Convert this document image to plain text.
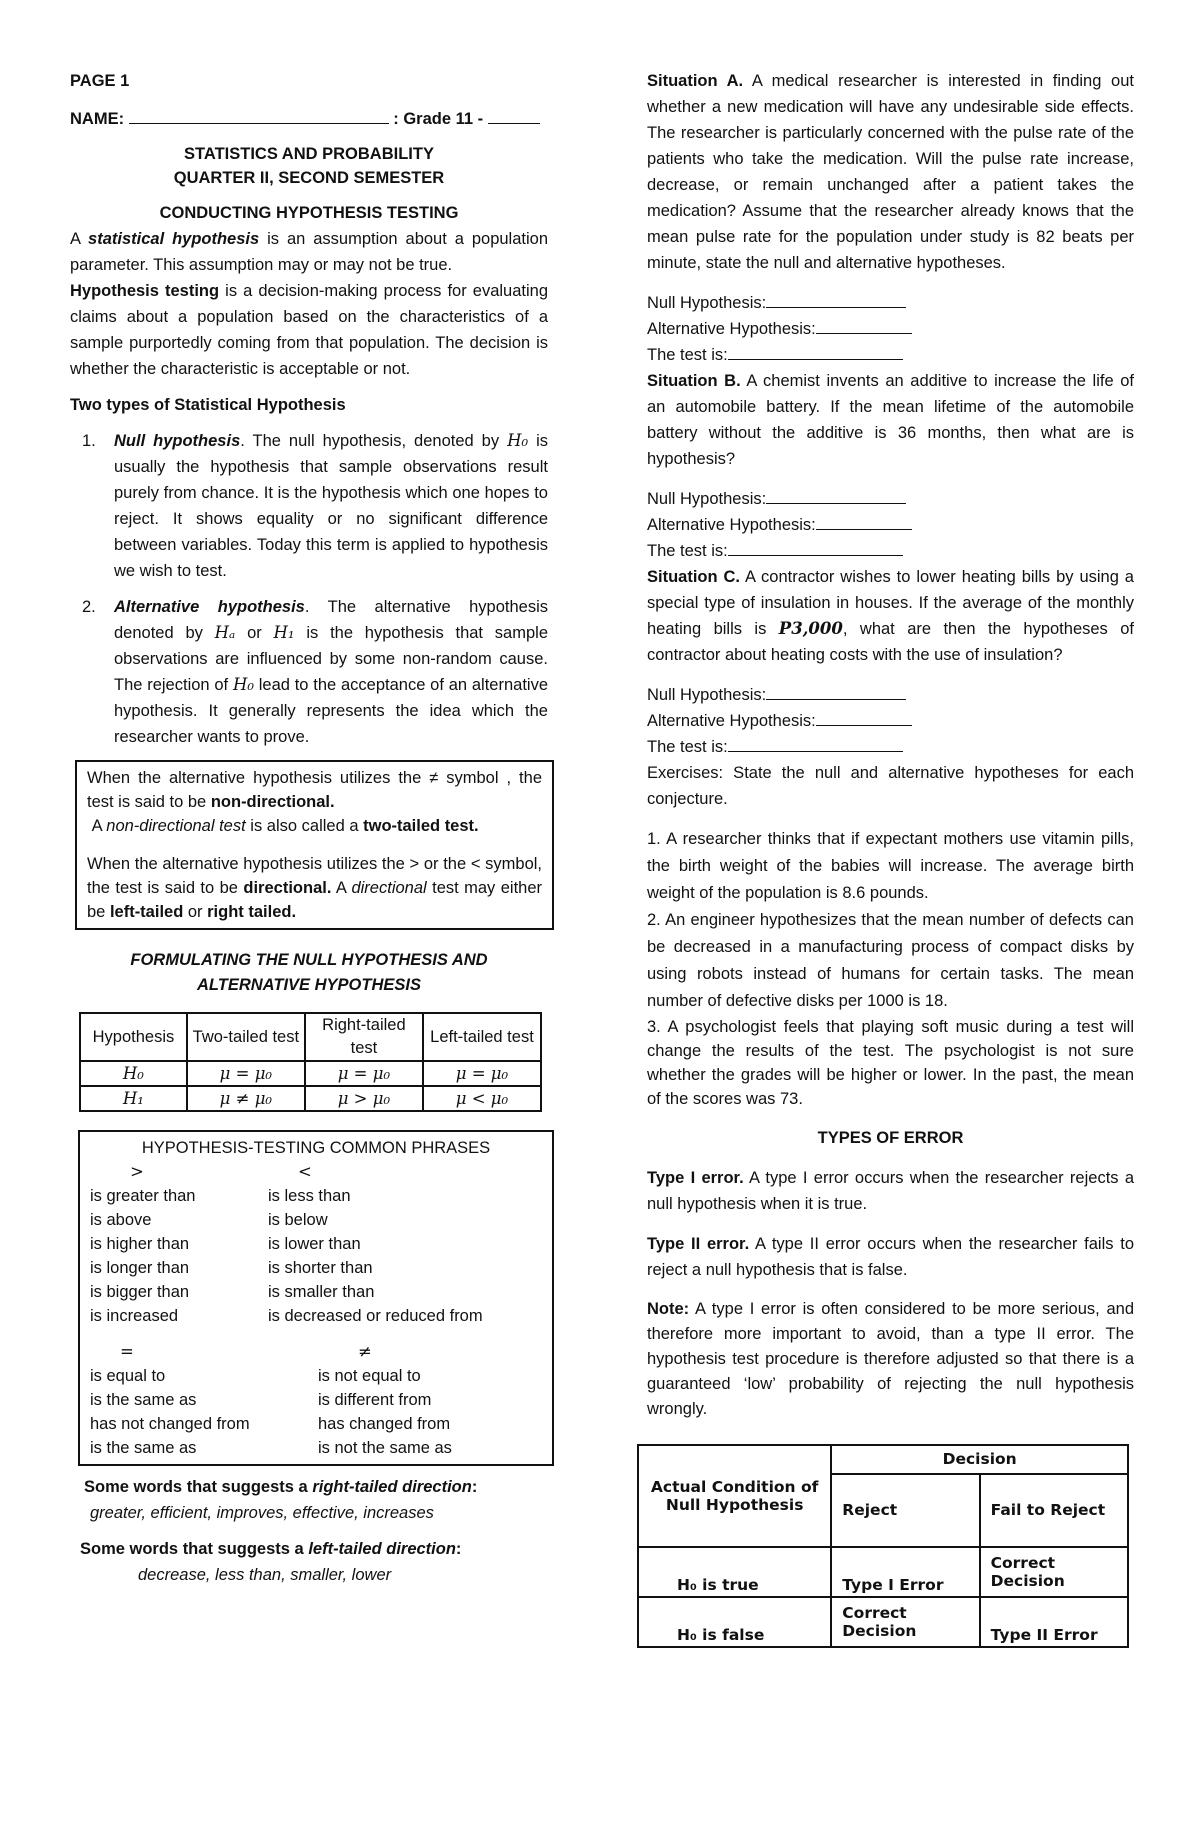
PAGE 1

NAME:	: Grade 11 -

STATISTICS AND PROBABILITY

QUARTER II, SECOND SEMESTER

CONDUCTING HYPOTHESIS TESTING

A statistical hypothesis is an assumption about a population parameter. This assumption may or may not be true.

Hypothesis testing is a decision-making process for evaluating claims about a population based on the characteristics of a sample purportedly coming from that population. The decision is whether the characteristic is acceptable or not.

Two types of Statistical Hypothesis

1. Null hypothesis. The null hypothesis, denoted by H₀ is usually the hypothesis that sample observations result purely from chance. It is the hypothesis which one hopes to reject. It shows equality or no significant difference between variables. Today this term is applied to hypothesis we wish to test.
2. Alternative hypothesis. The alternative hypothesis denoted by Hₐ or H₁ is the hypothesis that sample observations are influenced by some non-random cause. The rejection of H₀ lead to the acceptance of an alternative hypothesis. It generally represents the idea which the researcher wants to prove.

When the alternative hypothesis utilizes the ≠ symbol , the test is said to be non-directional.

A non-directional test is also called a two-tailed test.

When the alternative hypothesis utilizes the > or the < symbol, the test is said to be directional. A directional test may either be left-tailed or right tailed.

FORMULATING THE NULL HYPOTHESIS AND

ALTERNATIVE HYPOTHESIS

Hypothesis	Two-tailed test	Right-tailed test	Left-tailed test
H₀	μ = μ₀	μ = μ₀	μ = μ₀
H₁	μ ≠ μ₀	μ > μ₀	μ < μ₀

HYPOTHESIS-TESTING COMMON PHRASES

>	<
is greater than	is less than
is above	is below
is higher than	is lower than
is longer than	is shorter than
is bigger than	is smaller than
is increased	is decreased or reduced from
=	≠
is equal to	is not equal to
is the same as	is different from
has not changed from	has changed from
is the same as	is not the same as

Some words that suggests a right-tailed direction:

greater, efficient, improves, effective, increases

Some words that suggests a left-tailed direction:

decrease, less than, smaller, lower

Situation A. A medical researcher is interested in finding out whether a new medication will have any undesirable side effects. The researcher is particularly concerned with the pulse rate of the patients who take the medication. Will the pulse rate increase, decrease, or remain unchanged after a patient takes the medication? Assume that the researcher already knows that the mean pulse rate for the population under study is 82 beats per minute, state the null and alternative hypotheses.

Null Hypothesis:

Alternative Hypothesis:

The test is:

Situation B. A chemist invents an additive to increase the life of an automobile battery. If the mean lifetime of the automobile battery without the additive is 36 months, then what are is hypothesis?

Null Hypothesis:

Alternative Hypothesis:

The test is:

Situation C. A contractor wishes to lower heating bills by using a special type of insulation in houses. If the average of the monthly heating bills is P3,000, what are then the hypotheses of contractor about heating costs with the use of insulation?

Null Hypothesis:

Alternative Hypothesis:

The test is:

Exercises: State the null and alternative hypotheses for each conjecture.

1. A researcher thinks that if expectant mothers use vitamin pills, the birth weight of the babies will increase. The average birth weight of the population is 8.6 pounds.

2. An engineer hypothesizes that the mean number of defects can be decreased in a manufacturing process of compact disks by using robots instead of humans for certain tasks. The mean number of defective disks per 1000 is 18.

3. A psychologist feels that playing soft music during a test will change the results of the test. The psychologist is not sure whether the grades will be higher or lower. In the past, the mean of the scores was 73.

TYPES OF ERROR

Type I error. A type I error occurs when the researcher rejects a null hypothesis when it is true.

Type II error. A type II error occurs when the researcher fails to reject a null hypothesis that is false.

Note: A type I error is often considered to be more serious, and therefore more important to avoid, than a type II error. The hypothesis test procedure is therefore adjusted so that there is a guaranteed ‘low’ probability of rejecting the null hypothesis wrongly.

Actual Condition of Null Hypothesis	Decision	
	Reject	Fail to Reject
H₀ is true	Type I Error	Correct Decision
H₀ is false	Correct Decision	Type II Error
